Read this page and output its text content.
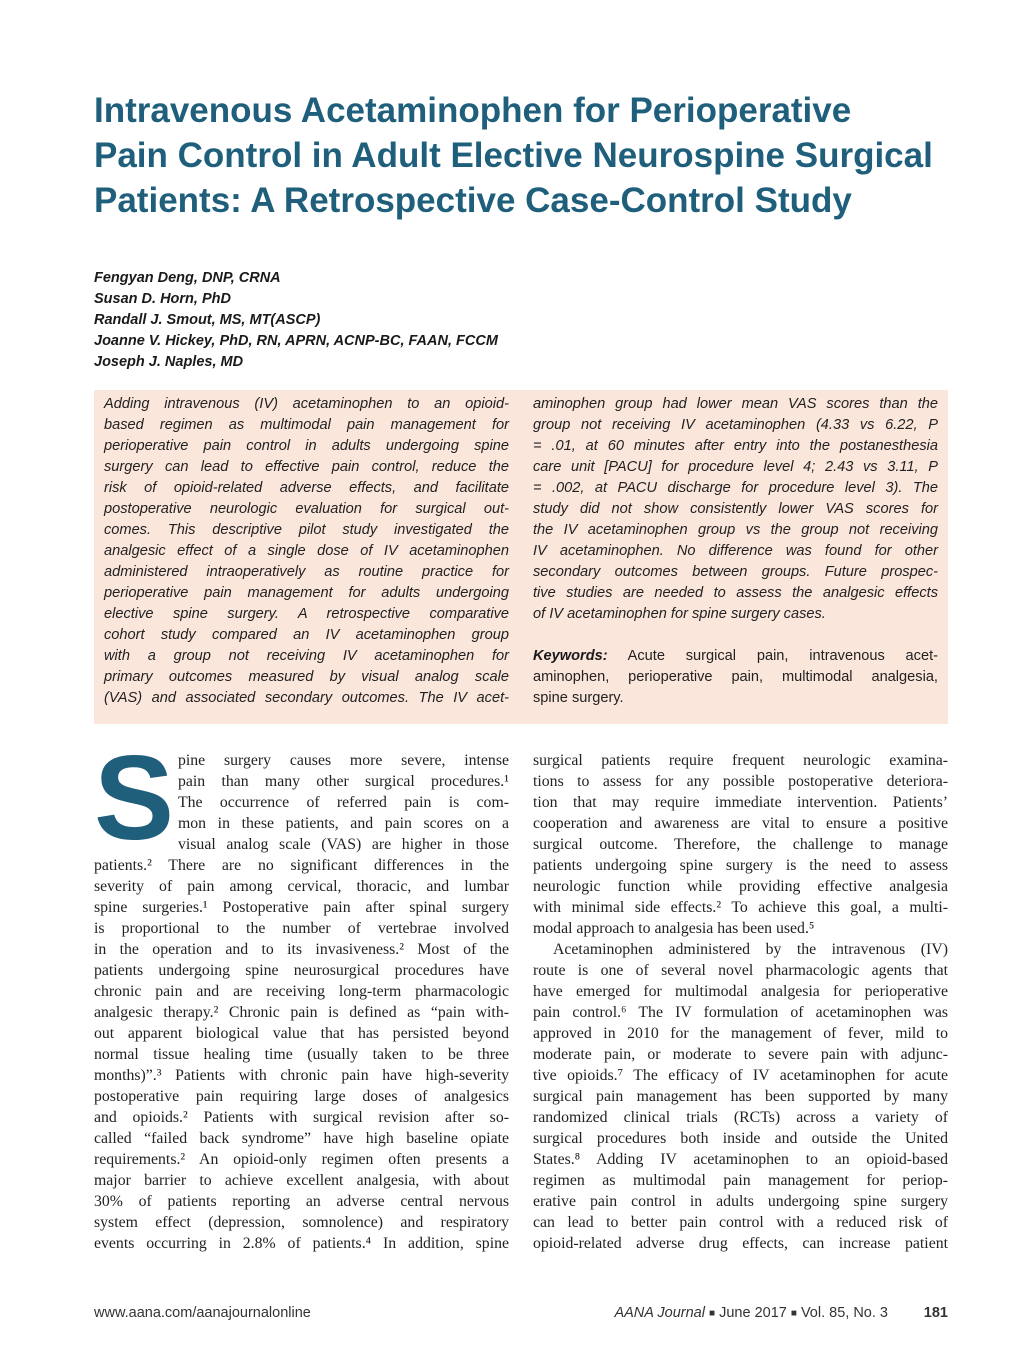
Intravenous Acetaminophen for Perioperative
Pain Control in Adult Elective Neurospine Surgical
Patients: A Retrospective Case-Control Study
Fengyan Deng, DNP, CRNA
Susan D. Horn, PhD
Randall J. Smout, MS, MT(ASCP)
Joanne V. Hickey, PhD, RN, APRN, ACNP-BC, FAAN, FCCM
Joseph J. Naples, MD
Adding intravenous (IV) acetaminophen to an opioid-
based regimen as multimodal pain management for
perioperative pain control in adults undergoing spine
surgery can lead to effective pain control, reduce the
risk of opioid-related adverse effects, and facilitate
postoperative neurologic evaluation for surgical out-
comes. This descriptive pilot study investigated the
analgesic effect of a single dose of IV acetaminophen
administered intraoperatively as routine practice for
perioperative pain management for adults undergoing
elective spine surgery. A retrospective comparative
cohort study compared an IV acetaminophen group
with a group not receiving IV acetaminophen for
primary outcomes measured by visual analog scale
(VAS) and associated secondary outcomes. The IV acet-
aminophen group had lower mean VAS scores than the
group not receiving IV acetaminophen (4.33 vs 6.22, P
= .01, at 60 minutes after entry into the postanesthesia
care unit [PACU] for procedure level 4; 2.43 vs 3.11, P
= .002, at PACU discharge for procedure level 3). The
study did not show consistently lower VAS scores for
the IV acetaminophen group vs the group not receiving
IV acetaminophen. No difference was found for other
secondary outcomes between groups. Future prospec-
tive studies are needed to assess the analgesic effects
of IV acetaminophen for spine surgery cases.

Keywords: Acute surgical pain, intravenous acet-
aminophen, perioperative pain, multimodal analgesia,
spine surgery.
S pine surgery causes more severe, intense
pain than many other surgical procedures.¹
The occurrence of referred pain is com-
mon in these patients, and pain scores on a
visual analog scale (VAS) are higher in those
patients.² There are no significant differences in the
severity of pain among cervical, thoracic, and lumbar
spine surgeries.¹ Postoperative pain after spinal surgery
is proportional to the number of vertebrae involved
in the operation and to its invasiveness.² Most of the
patients undergoing spine neurosurgical procedures have
chronic pain and are receiving long-term pharmacologic
analgesic therapy.² Chronic pain is defined as “pain with-
out apparent biological value that has persisted beyond
normal tissue healing time (usually taken to be three
months)”.³ Patients with chronic pain have high-severity
postoperative pain requiring large doses of analgesics
and opioids.² Patients with surgical revision after so-
called “failed back syndrome” have high baseline opiate
requirements.² An opioid-only regimen often presents a
major barrier to achieve excellent analgesia, with about
30% of patients reporting an adverse central nervous
system effect (depression, somnolence) and respiratory
events occurring in 2.8% of patients.⁴ In addition, spine
surgical patients require frequent neurologic examina-
tions to assess for any possible postoperative deteriora-
tion that may require immediate intervention. Patients’
cooperation and awareness are vital to ensure a positive
surgical outcome. Therefore, the challenge to manage
patients undergoing spine surgery is the need to assess
neurologic function while providing effective analgesia
with minimal side effects.² To achieve this goal, a multi-
modal approach to analgesia has been used.⁵
Acetaminophen administered by the intravenous (IV)
route is one of several novel pharmacologic agents that
have emerged for multimodal analgesia for perioperative
pain control.⁶ The IV formulation of acetaminophen was
approved in 2010 for the management of fever, mild to
moderate pain, or moderate to severe pain with adjunc-
tive opioids.⁷ The efficacy of IV acetaminophen for acute
surgical pain management has been supported by many
randomized clinical trials (RCTs) across a variety of
surgical procedures both inside and outside the United
States.⁸ Adding IV acetaminophen to an opioid-based
regimen as multimodal pain management for periop-
erative pain control in adults undergoing spine surgery
can lead to better pain control with a reduced risk of
opioid-related adverse drug effects, can increase patient
www.aana.com/aanajournalonline	AANA Journal ■ June 2017 ■ Vol. 85, No. 3 181
